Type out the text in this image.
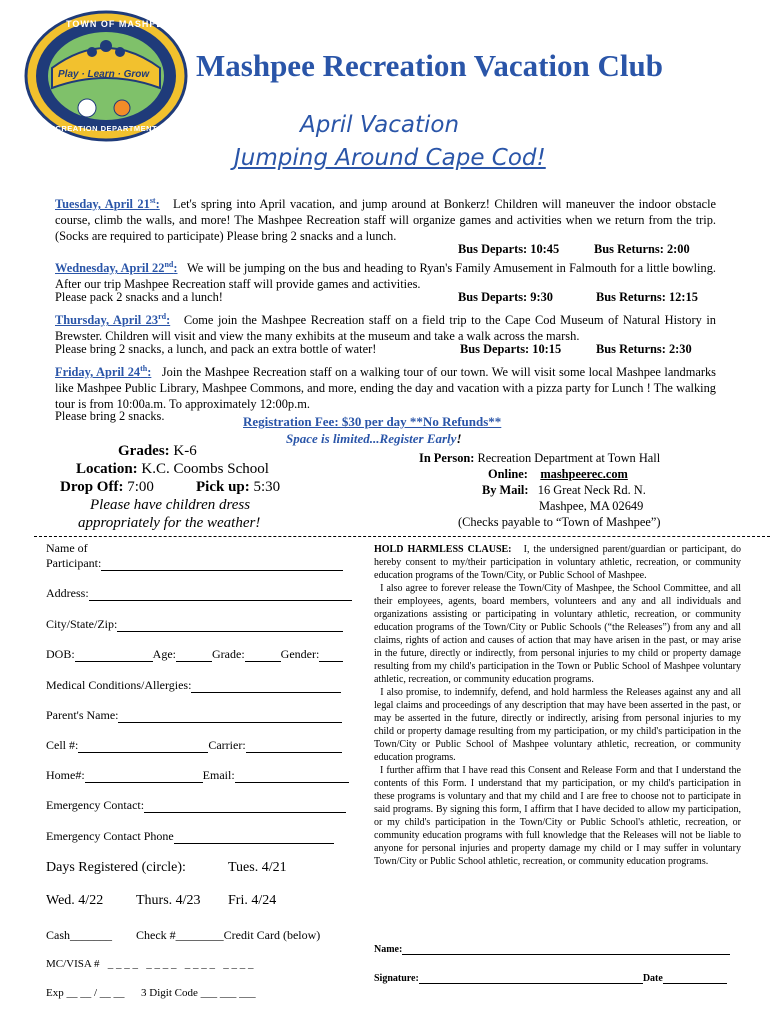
TOWN OF MASHPEE
Play · Learn · Grow
RECREATION DEPARTMENT
Mashpee Recreation Vacation Club
April Vacation
Jumping Around Cape Cod!
Tuesday, April 21st: Let's spring into April vacation, and jump around at Bonkerz! Children will maneuver the indoor obstacle course, climb the walls, and more! The Mashpee Recreation staff will organize games and activities when we return from the trip. (Socks are required to participate) Please bring 2 snacks and a lunch.
Bus Departs: 10:45	Bus Returns: 2:00
Wednesday, April 22nd: We will be jumping on the bus and heading to Ryan's Family Amusement in Falmouth for a little bowling. After our trip Mashpee Recreation staff will provide games and activities.
Please pack 2 snacks and a lunch!	Bus Departs: 9:30	Bus Returns: 12:15
Thursday, April 23rd: Come join the Mashpee Recreation staff on a field trip to the Cape Cod Museum of Natural History in Brewster. Children will visit and view the many exhibits at the museum and take a walk across the marsh.
Please bring 2 snacks, a lunch, and pack an extra bottle of water!	Bus Departs: 10:15	Bus Returns: 2:30
Friday, April 24th: Join the Mashpee Recreation staff on a walking tour of our town. We will visit some local Mashpee landmarks like Mashpee Public Library, Mashpee Commons, and more, ending the day and vacation with a pizza party for Lunch ! The walking tour is from 10:00a.m. To approximately 12:00p.m.
Please bring 2 snacks.	Registration Fee: $30 per day **No Refunds**
Space is limited...Register Early!
Grades: K-6
Location: K.C. Coombs School
Drop Off: 7:00	Pick up: 5:30
Please have children dress
appropriately for the weather!
In Person: Recreation Department at Town Hall
Online: mashpeerec.com
By Mail: 16 Great Neck Rd. N.
Mashpee, MA 02649
(Checks payable to “Town of Mashpee”)
Name of
Participant:
Address:
City/State/Zip:
DOB:	Age:	Grade:	Gender:
Medical Conditions/Allergies:
Parent's Name:
Cell #:	Carrier:
Home#:	Email:
Emergency Contact:
Emergency Contact Phone
Days Registered (circle):	Tues. 4/21
Wed. 4/22 Thurs. 4/23 Fri. 4/24
Cash_______ Check #________Credit Card (below)
MC/VISA #   _ _ _ _   _ _ _ _   _ _ _ _   _ _ _ _
Exp __ __ / __ __      3 Digit Code ___ ___ ___
HOLD HARMLESS CLAUSE: I, the undersigned parent/guardian or participant, do hereby consent to my/their participation in voluntary athletic, recreation, or community education programs of the Town/City, or Public School of Mashpee.
I also agree to forever release the Town/City of Mashpee, the School Committee, and all their employees, agents, board members, volunteers and any and all individuals and organizations assisting or participating in voluntary athletic, recreation, or community education programs of the Town/City or Public Schools (“the Releases”) from any and all claims, rights of action and causes of action that may have arisen in the past, or may arise in the future, directly or indirectly, from personal injuries to my child or property damage resulting from my child's participation in the Town or Public School of Mashpee voluntary athletic, recreation, or community education programs.
I also promise, to indemnify, defend, and hold harmless the Releases against any and all legal claims and proceedings of any description that may have been asserted in the past, or may be asserted in the future, directly or indirectly, arising from personal injuries to my child or property damage resulting from my participation, or my child's participation in the Town/City or Public School of Mashpee voluntary athletic, recreation, or community education programs.
I further affirm that I have read this Consent and Release Form and that I understand the contents of this Form. I understand that my participation, or my child's participation in these programs is voluntary and that my child and I are free to choose not to participate in said programs. By signing this form, I affirm that I have decided to allow my participation, or my child's participation in the Town/City or Public School's athletic, recreation, or community education programs with full knowledge that the Releases will not be liable to anyone for personal injuries and property damage my child or I may suffer in voluntary Town/City or Public School athletic, recreation, or community education programs.
Name:
Signature:	Date
